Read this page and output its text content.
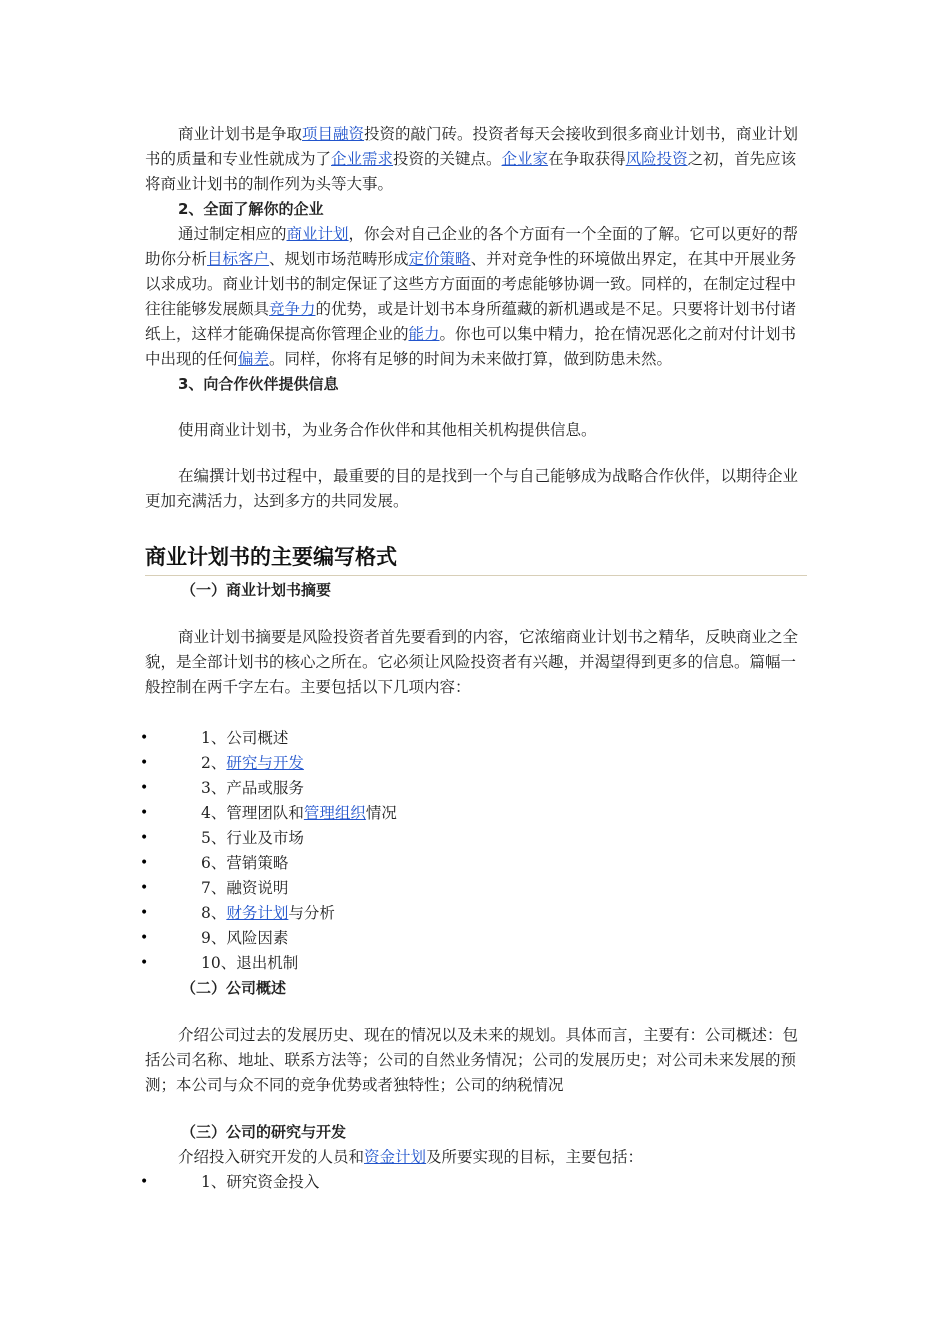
商业计划书是争取项目融资投资的敲门砖。投资者每天会接收到很多商业计划书，商业计划书的质量和专业性就成为了企业需求投资的关键点。企业家在争取获得风险投资之初，首先应该将商业计划书的制作列为头等大事。

2、全面了解你的企业

通过制定相应的商业计划，你会对自己企业的各个方面有一个全面的了解。它可以更好的帮助你分析目标客户、规划市场范畴形成定价策略、并对竞争性的环境做出界定，在其中开展业务以求成功。商业计划书的制定保证了这些方方面面的考虑能够协调一致。同样的，在制定过程中往往能够发展颇具竞争力的优势，或是计划书本身所蕴藏的新机遇或是不足。只要将计划书付诸纸上，这样才能确保提高你管理企业的能力。你也可以集中精力，抢在情况恶化之前对付计划书中出现的任何偏差。同样，你将有足够的时间为未来做打算，做到防患未然。

3、向合作伙伴提供信息

使用商业计划书，为业务合作伙伴和其他相关机构提供信息。

在编撰计划书过程中，最重要的目的是找到一个与自己能够成为战略合作伙伴，以期待企业更加充满活力，达到多方的共同发展。

商业计划书的主要编写格式

（一）商业计划书摘要

商业计划书摘要是风险投资者首先要看到的内容，它浓缩商业计划书之精华，反映商业之全貌，是全部计划书的核心之所在。它必须让风险投资者有兴趣，并渴望得到更多的信息。篇幅一般控制在两千字左右。主要包括以下几项内容：

•	1、公司概述
•	2、研究与开发
•	3、产品或服务
•	4、管理团队和管理组织情况
•	5、行业及市场
•	6、营销策略
•	7、融资说明
•	8、财务计划与分析
•	9、风险因素
•	10、退出机制

（二）公司概述

介绍公司过去的发展历史、现在的情况以及未来的规划。具体而言，主要有：公司概述：包括公司名称、地址、联系方法等；公司的自然业务情况；公司的发展历史；对公司未来发展的预测；本公司与众不同的竞争优势或者独特性；公司的纳税情况

（三）公司的研究与开发

介绍投入研究开发的人员和资金计划及所要实现的目标，主要包括：

•	1、研究资金投入
